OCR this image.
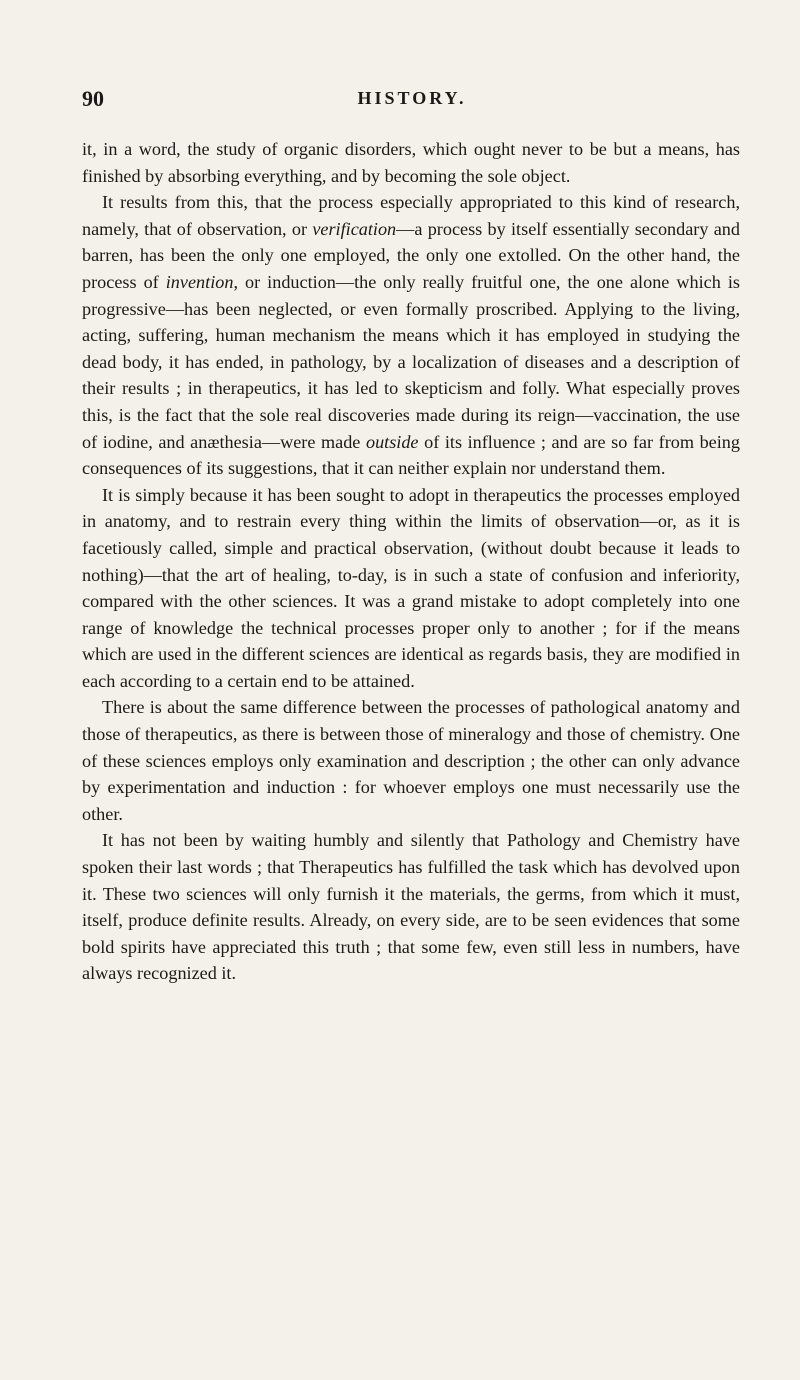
90	HISTORY.

it, in a word, the study of organic disorders, which ought never to be but a means, has finished by absorbing everything, and by becoming the sole object.

It results from this, that the process especially appropriated to this kind of research, namely, that of observation, or verification—a process by itself essentially secondary and barren, has been the only one employed, the only one extolled. On the other hand, the process of invention, or induction—the only really fruitful one, the one alone which is progressive—has been neglected, or even formally proscribed. Applying to the living, acting, suffering, human mechanism the means which it has employed in studying the dead body, it has ended, in pathology, by a localization of diseases and a description of their results ; in therapeutics, it has led to skepticism and folly. What especially proves this, is the fact that the sole real discoveries made during its reign—vaccination, the use of iodine, and anæthesia—were made outside of its influence ; and are so far from being consequences of its suggestions, that it can neither explain nor understand them.

It is simply because it has been sought to adopt in therapeutics the processes employed in anatomy, and to restrain every thing within the limits of observation—or, as it is facetiously called, simple and practical observation, (without doubt because it leads to nothing)—that the art of healing, to-day, is in such a state of confusion and inferiority, compared with the other sciences. It was a grand mistake to adopt completely into one range of knowledge the technical processes proper only to another ; for if the means which are used in the different sciences are identical as regards basis, they are modified in each according to a certain end to be attained.

There is about the same difference between the processes of pathological anatomy and those of therapeutics, as there is between those of mineralogy and those of chemistry. One of these sciences employs only examination and description ; the other can only advance by experimentation and induction : for whoever employs one must necessarily use the other.

It has not been by waiting humbly and silently that Pathology and Chemistry have spoken their last words ; that Therapeutics has fulfilled the task which has devolved upon it. These two sciences will only furnish it the materials, the germs, from which it must, itself, produce definite results. Already, on every side, are to be seen evidences that some bold spirits have appreciated this truth ; that some few, even still less in numbers, have always recognized it.
